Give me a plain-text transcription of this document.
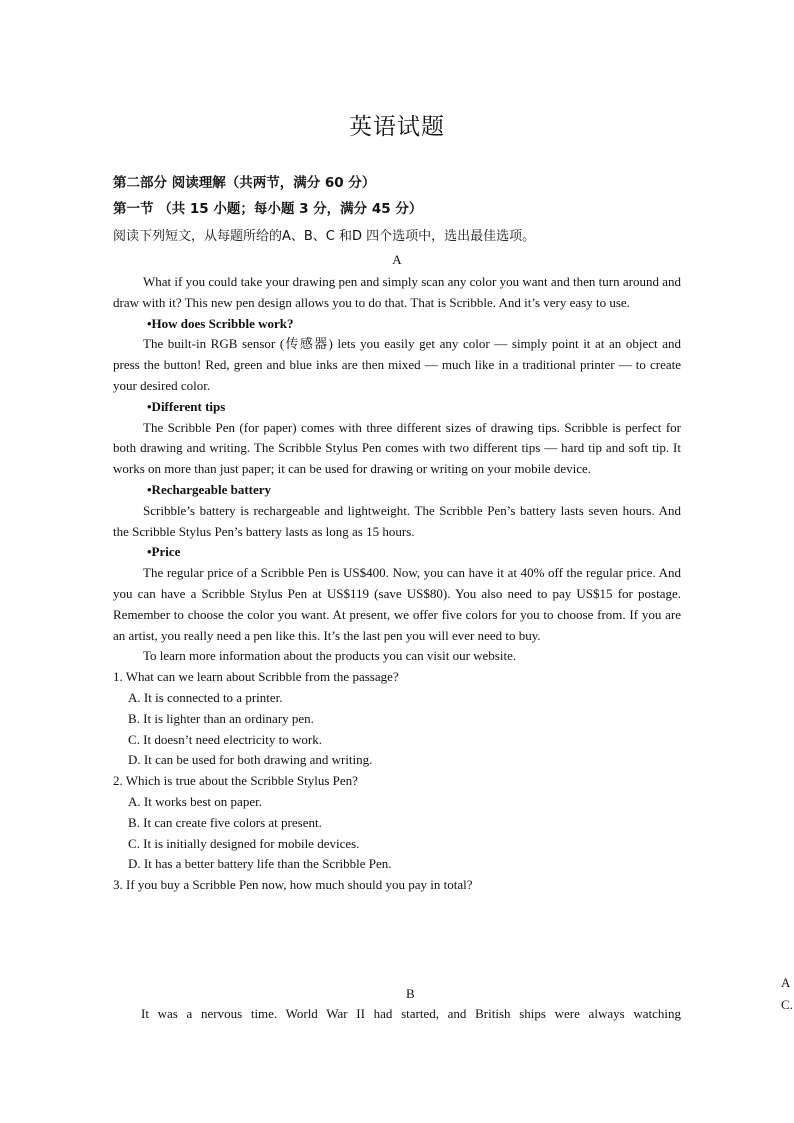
英语试题
第二部分 阅读理解（共两节，满分 60 分）
第一节 （共 15 小题；每小题 3 分，满分 45 分）
阅读下列短文，从每题所给的A、B、C 和D 四个选项中，选出最佳选项。
A

What if you could take your drawing pen and simply scan any color you want and then turn around and draw with it? This new pen design allows you to do that. That is Scribble. And it’s very easy to use.

•How does Scribble work?

The built-in RGB sensor (传感器) lets you easily get any color — simply point it at an object and press the button! Red, green and blue inks are then mixed — much like in a traditional printer — to create your desired color.

•Different tips

The Scribble Pen (for paper) comes with three different sizes of drawing tips. Scribble is perfect for both drawing and writing. The Scribble Stylus Pen comes with two different tips — hard tip and soft tip. It works on more than just paper; it can be used for drawing or writing on your mobile device.

•Rechargeable battery

Scribble’s battery is rechargeable and lightweight. The Scribble Pen’s battery lasts seven hours. And the Scribble Stylus Pen’s battery lasts as long as 15 hours.

•Price

The regular price of a Scribble Pen is US$400. Now, you can have it at 40% off the regular price. And you can have a Scribble Stylus Pen at US$119 (save US$80). You also need to pay US$15 for postage. Remember to choose the color you want. At present, we offer five colors for you to choose from. If you are an artist, you really need a pen like this. It’s the last pen you will ever need to buy.

To learn more information about the products you can visit our website.

1. What can we learn about Scribble from the passage?
A. It is connected to a printer.
B. It is lighter than an ordinary pen.
C. It doesn’t need electricity to work.
D. It can be used for both drawing and writing.
2. Which is true about the Scribble Stylus Pen?
A. It works best on paper.
B. It can create five colors at present.
C. It is initially designed for mobile devices.
D. It has a better battery life than the Scribble Pen.
3. If you buy a Scribble Pen now, how much should you pay in total?
A
C.
B
It was a nervous time. World War II had started, and British ships were always watching
